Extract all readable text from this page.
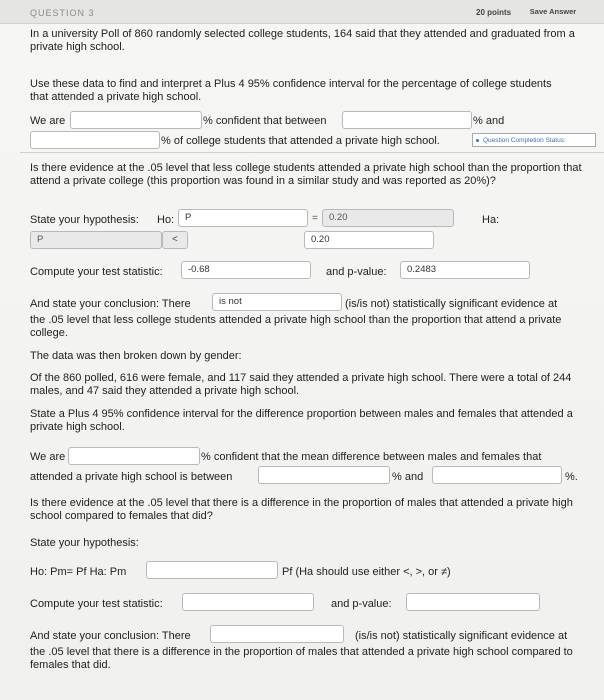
QUESTION 3	20 points	Save Answer
In a university Poll of 860 randomly selected college students, 164 said that they attended and graduated from a private high school.
Use these data to find and interpret a Plus 4 95% confidence interval for the percentage of college students that attended a private high school.
We are	% confident that between	% and
% of college students that attended a private high school.	Question Completion Status:
Is there evidence at the .05 level that less college students attended a private high school than the proportion that attend a private college (this proportion was found in a similar study and was reported as 20%)?
State your hypothesis: Ho:	P	=	0.20	Ha:
P	<	0.20
Compute your test statistic:	-0.68	and p-value:	0.2483
And state your conclusion: There	is not	(is/is not) statistically significant evidence at
the .05 level that less college students attended a private high school than the proportion that attend a private college.
The data was then broken down by gender:
Of the 860 polled, 616 were female, and 117 said they attended a private high school. There were a total of 244 males, and 47 said they attended a private high school.
State a Plus 4 95% confidence interval for the difference proportion between males and females that attended a private high school.
We are	% confident that the mean difference between males and females that
attended a private high school is between	% and	%.
Is there evidence at the .05 level that there is a difference in the proportion of males that attended a private high school compared to females that did?
State your hypothesis:
Ho: Pm= Pf Ha: Pm	Pf (Ha should use either <, >, or ≠)
Compute your test statistic:	and p-value:
And state your conclusion: There	(is/is not) statistically significant evidence at
the .05 level that there is a difference in the proportion of males that attended a private high school compared to females that did.
